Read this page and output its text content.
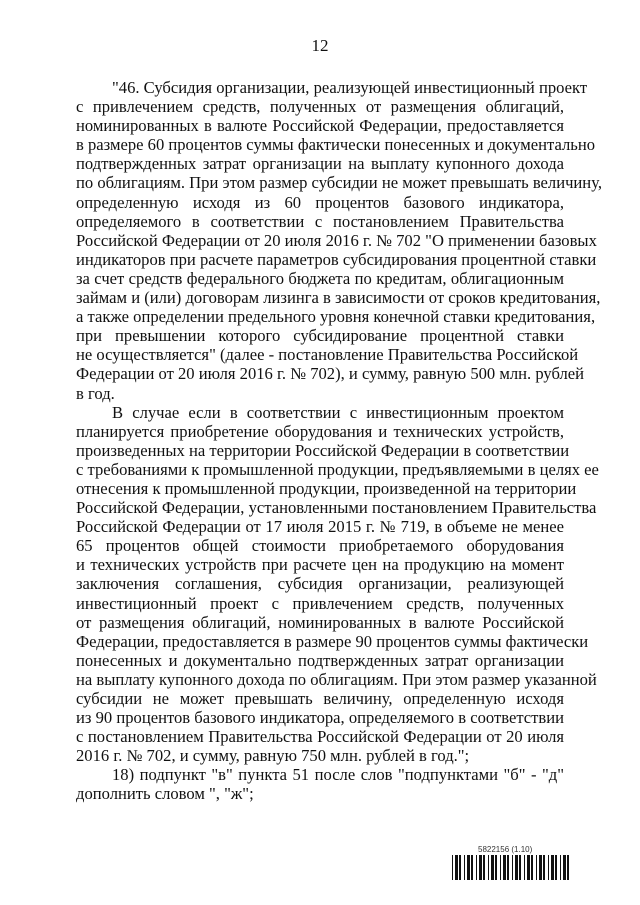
12
"46. Субсидия организации, реализующей инвестиционный проект
с привлечением средств, полученных от размещения облигаций,
номинированных в валюте Российской Федерации, предоставляется
в размере 60 процентов суммы фактически понесенных и документально
подтвержденных затрат организации на выплату купонного дохода
по облигациям. При этом размер субсидии не может превышать величину,
определенную исходя из 60 процентов базового индикатора,
определяемого в соответствии с постановлением Правительства
Российской Федерации от 20 июля 2016 г. № 702 "О применении базовых
индикаторов при расчете параметров субсидирования процентной ставки
за счет средств федерального бюджета по кредитам, облигационным
займам и (или) договорам лизинга в зависимости от сроков кредитования,
а также определении предельного уровня конечной ставки кредитования,
при превышении которого субсидирование процентной ставки
не осуществляется" (далее - постановление Правительства Российской
Федерации от 20 июля 2016 г. № 702), и сумму, равную 500 млн. рублей
в год.
В случае если в соответствии с инвестиционным проектом
планируется приобретение оборудования и технических устройств,
произведенных на территории Российской Федерации в соответствии
с требованиями к промышленной продукции, предъявляемыми в целях ее
отнесения к промышленной продукции, произведенной на территории
Российской Федерации, установленными постановлением Правительства
Российской Федерации от 17 июля 2015 г. № 719, в объеме не менее
65 процентов общей стоимости приобретаемого оборудования
и технических устройств при расчете цен на продукцию на момент
заключения соглашения, субсидия организации, реализующей
инвестиционный проект с привлечением средств, полученных
от размещения облигаций, номинированных в валюте Российской
Федерации, предоставляется в размере 90 процентов суммы фактически
понесенных и документально подтвержденных затрат организации
на выплату купонного дохода по облигациям. При этом размер указанной
субсидии не может превышать величину, определенную исходя
из 90 процентов базового индикатора, определяемого в соответствии
с постановлением Правительства Российской Федерации от 20 июля
2016 г. № 702, и сумму, равную 750 млн. рублей в год.";
18) подпункт "в" пункта 51 после слов "подпунктами "б" - "д"
дополнить словом ", "ж";
5822156 (1.10)
